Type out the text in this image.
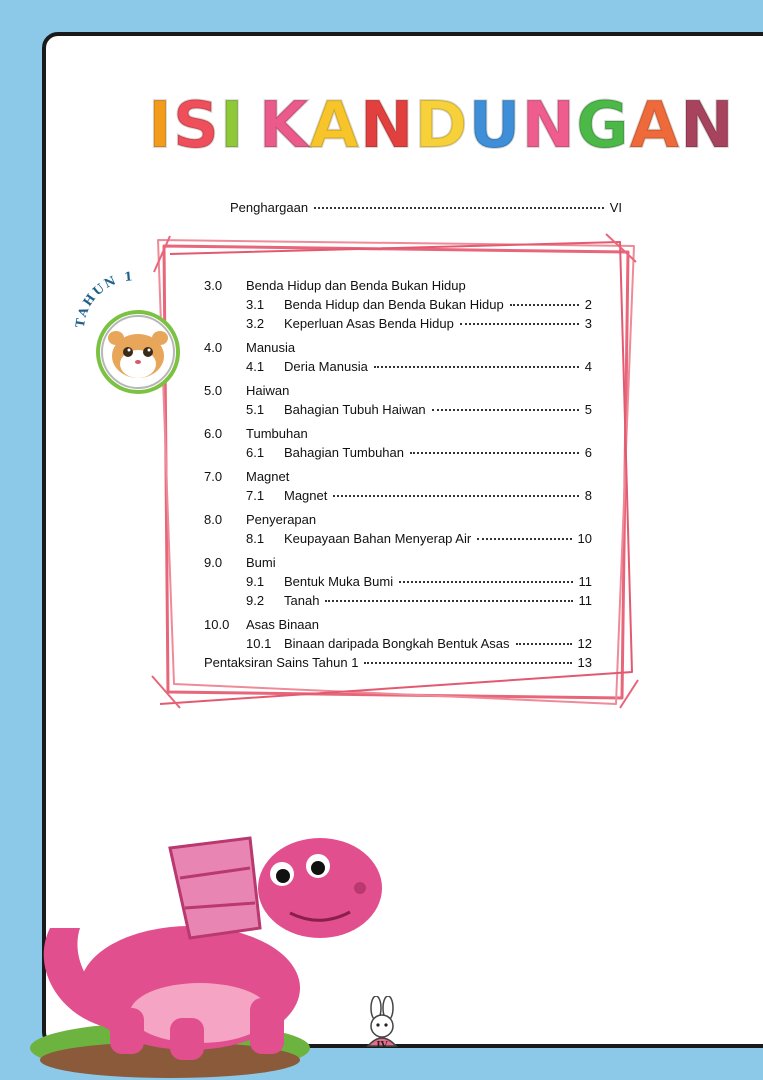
I S I K A N D U N G A N
Penghargaan	VI
TAHUN 1
3.0 Benda Hidup dan Benda Bukan Hidup
3.1	Benda Hidup dan Benda Bukan Hidup	2
3.2	Keperluan Asas Benda Hidup	3
4.0 Manusia
4.1	Deria Manusia	4
5.0 Haiwan
5.1	Bahagian Tubuh Haiwan	5
6.0 Tumbuhan
6.1	Bahagian Tumbuhan	6
7.0 Magnet
7.1	Magnet	8
8.0 Penyerapan
8.1	Keupayaan Bahan Menyerap Air	10
9.0 Bumi
9.1	Bentuk Muka Bumi	11
9.2	Tanah	11
10.0 Asas Binaan
10.1 Binaan daripada Bongkah Bentuk Asas	12
Pentaksiran Sains Tahun 1	13
IV
